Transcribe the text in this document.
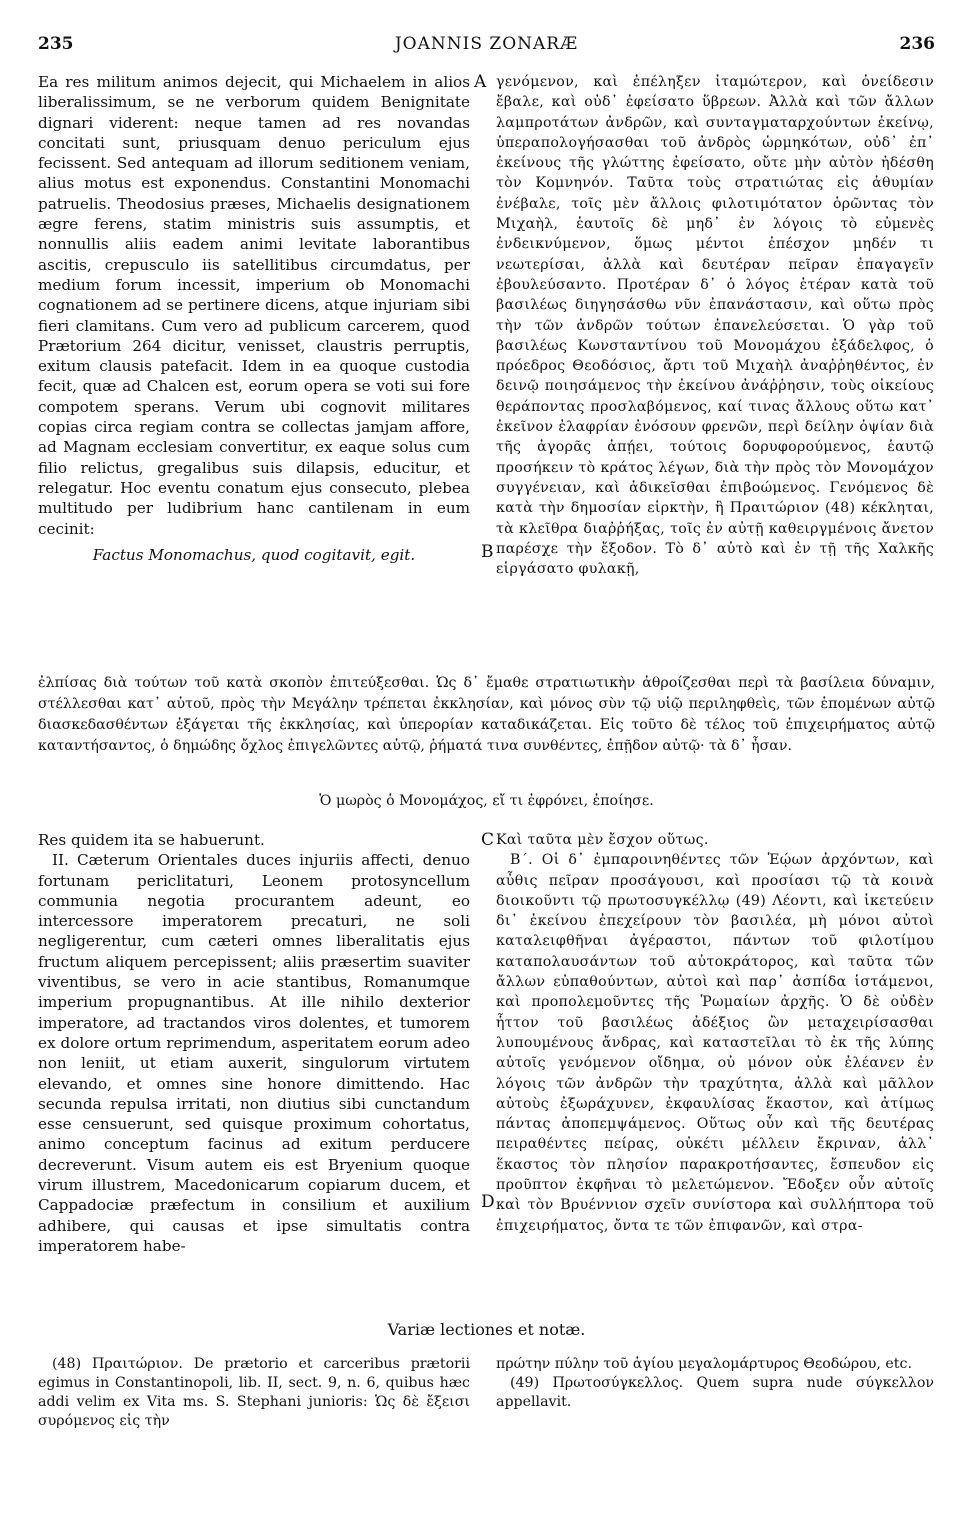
235	JOANNIS ZONARÆ	236
A
B
C
D

Ea res militum animos dejecit, qui Michaelem in alios liberalissimum, se ne verborum quidem Benignitate dignari viderent: neque tamen ad res novandas concitati sunt, priusquam denuo periculum ejus fecissent. Sed antequam ad illorum seditionem veniam, alius motus est exponendus. Constantini Monomachi patruelis. Theodosius præses, Michaelis designationem ægre ferens, statim ministris suis assumptis, et nonnullis aliis eadem animi levitate laborantibus ascitis, crepusculo iis satellitibus circumdatus, per medium forum incessit, imperium ob Monomachi cognationem ad se pertinere dicens, atque injuriam sibi fieri clamitans. Cum vero ad publicum carcerem, quod Prætorium 264 dicitur, venisset, claustris perruptis, exitum clausis patefacit. Idem in ea quoque custodia fecit, quæ ad Chalcen est, eorum opera se voti sui fore compotem sperans. Verum ubi cognovit militares copias circa regiam contra se collectas jamjam affore, ad Magnam ecclesiam convertitur, ex eaque solus cum filio relictus, gregalibus suis dilapsis, educitur, et relegatur. Hoc eventu conatum ejus consecuto, plebea multitudo per ludibrium hanc cantilenam in eum cecinit:

Factus Monomachus, quod cogitavit, egit.

γενόμενον, καὶ ἐπέληξεν ἰταμώτερον, καὶ ὀνείδεσιν ἔβαλε, καὶ οὐδ᾿ ἐφείσατο ὕβρεων. Ἀλλὰ καὶ τῶν ἄλλων λαμπροτάτων ἀνδρῶν, καὶ συνταγματαρχούντων ἐκείνῳ, ὑπεραπολογήσασθαι τοῦ ἀνδρὸς ὡρμηκότων, οὐδ᾿ ἐπ᾿ ἐκείνους τῆς γλώττης ἐφείσατο, οὔτε μὴν αὐτὸν ἠδέσθη τὸν Κομνηνόν. Ταῦτα τοὺς στρατιώτας εἰς ἀθυμίαν ἐνέβαλε, τοῖς μὲν ἄλλοις φιλοτιμότατον ὁρῶντας τὸν Μιχαὴλ, ἑαυτοῖς δὲ μηδ᾿ ἐν λόγοις τὸ εὐμενὲς ἐνδεικνύμενον, ὅμως μέντοι ἐπέσχον μηδέν τι νεωτερίσαι, ἀλλὰ καὶ δευτέραν πεῖραν ἐπαγαγεῖν ἐβουλεύσαντο. Προτέραν δ᾿ ὁ λόγος ἑτέραν κατὰ τοῦ βασιλέως διηγησάσθω νῦν ἐπανάστασιν, καὶ οὕτω πρὸς τὴν τῶν ἀνδρῶν τούτων ἐπανελεύσεται. Ὁ γὰρ τοῦ βασιλέως Κωνσταντίνου τοῦ Μονομάχου ἐξάδελφος, ὁ πρόεδρος Θεοδόσιος, ἄρτι τοῦ Μιχαὴλ ἀναῤῥηθέντος, ἐν δεινῷ ποιησάμενος τὴν ἐκείνου ἀνάῤῥησιν, τοὺς οἰκείους θεράποντας προσλαβόμενος, καί τινας ἄλλους οὕτω κατ᾿ ἐκεῖνον ἐλαφρίαν ἐνόσουν φρενῶν, περὶ δείλην ὀψίαν διὰ τῆς ἀγορᾶς ἀπῄει, τούτοις δορυφορούμενος, ἑαυτῷ προσήκειν τὸ κράτος λέγων, διὰ τὴν πρὸς τὸν Μονομάχον συγγένειαν, καὶ ἀδικεῖσθαι ἐπιβοώμενος. Γενόμενος δὲ κατὰ τὴν δημοσίαν εἱρκτὴν, ἣ Πραιτώριον (48) κέκληται, τὰ κλεῖθρα διαῤῥήξας, τοῖς ἐν αὐτῇ καθειργμένοις ἄνετον παρέσχε τὴν ἔξοδον. Τὸ δ᾿ αὐτὸ καὶ ἐν τῇ τῆς Χαλκῆς εἱργάσατο φυλακῇ,

ἐλπίσας διὰ τούτων τοῦ κατὰ σκοπὸν ἐπιτεύξεσθαι. Ὡς δ᾿ ἔμαθε στρατιωτικὴν ἀθροίζεσθαι περὶ τὰ βασίλεια δύναμιν, στέλλεσθαι κατ᾿ αὐτοῦ, πρὸς τὴν Μεγάλην τρέπεται ἐκκλησίαν, καὶ μόνος σὺν τῷ υἱῷ περιληφθεὶς, τῶν ἑπομένων αὐτῷ διασκεδασθέντων ἐξάγεται τῆς ἐκκλησίας, καὶ ὑπερορίαν καταδικάζεται. Εἰς τοῦτο δὲ τέλος τοῦ ἐπιχειρήματος αὐτῷ καταντήσαντος, ὁ δημώδης ὄχλος ἐπιγελῶντες αὐτῷ, ῥήματά τινα συνθέντες, ἐπῇδον αὐτῷ· τὰ δ᾿ ἦσαν.
Ὁ μωρὸς ὁ Μονομάχος, εἴ τι ἐφρόνει, ἐποίησε.

Res quidem ita se habuerunt.

II. Cæterum Orientales duces injuriis affecti, denuo fortunam periclitaturi, Leonem protosyncellum communia negotia procurantem adeunt, eo intercessore imperatorem precaturi, ne soli negligerentur, cum cæteri omnes liberalitatis ejus fructum aliquem percepissent; aliis præsertim suaviter viventibus, se vero in acie stantibus, Romanumque imperium propugnantibus. At ille nihilo dexterior imperatore, ad tractandos viros dolentes, et tumorem ex dolore ortum reprimendum, asperitatem eorum adeo non leniit, ut etiam auxerit, singulorum virtutem elevando, et omnes sine honore dimittendo. Hac secunda repulsa irritati, non diutius sibi cunctandum esse censuerunt, sed quisque proximum cohortatus, animo conceptum facinus ad exitum perducere decreverunt. Visum autem eis est Bryenium quoque virum illustrem, Macedonicarum copiarum ducem, et Cappadociæ præfectum in consilium et auxilium adhibere, qui causas et ipse simultatis contra imperatorem habe-

Καὶ ταῦτα μὲν ἔσχον οὕτως.

Β΄. Οἱ δ᾿ ἐμπαροινηθέντες τῶν Ἑῴων ἀρχόντων, καὶ αὖθις πεῖραν προσάγουσι, καὶ προσίασι τῷ τὰ κοινὰ διοικοῦντι τῷ πρωτοσυγκέλλῳ (49) Λέοντι, καὶ ἱκετεύειν δι᾿ ἐκείνου ἐπεχείρουν τὸν βασιλέα, μὴ μόνοι αὐτοὶ καταλειφθῆναι ἀγέραστοι, πάντων τοῦ φιλοτίμου καταπολαυσάντων τοῦ αὐτοκράτορος, καὶ ταῦτα τῶν ἄλλων εὐπαθούντων, αὐτοὶ καὶ παρ᾿ ἀσπίδα ἱστάμενοι, καὶ προπολεμοῦντες τῆς Ῥωμαίων ἀρχῆς. Ὁ δὲ οὐδὲν ἧττον τοῦ βασιλέως ἀδέξιος ὢν μεταχειρίσασθαι λυπουμένους ἄνδρας, καὶ καταστεῖλαι τὸ ἐκ τῆς λύπης αὐτοῖς γενόμενον οἴδημα, οὐ μόνον οὐκ ἐλέανεν ἐν λόγοις τῶν ἀνδρῶν τὴν τραχύτητα, ἀλλὰ καὶ μᾶλλον αὐτοὺς ἐξωράχυνεν, ἐκφαυλίσας ἕκαστον, καὶ ἀτίμως πάντας ἀποπεμψάμενος. Οὕτως οὖν καὶ τῆς δευτέρας πειραθέντες πείρας, οὐκέτι μέλλειν ἔκριναν, ἀλλ᾿ ἕκαστος τὸν πλησίον παρακροτήσαντες, ἔσπευδον εἰς προῦπτον ἐκφῆναι τὸ μελετώμενον. Ἔδοξεν οὖν αὐτοῖς καὶ τὸν Βρυέννιον σχεῖν συνίστορα καὶ συλλήπτορα τοῦ ἐπιχειρήματος, ὄντα τε τῶν ἐπιφανῶν, καὶ στρα-

Variæ lectiones et notæ.

(48) Πραιτώριον. De prætorio et carceribus prætorii egimus in Constantinopoli, lib. II, sect. 9, n. 6, quibus hæc addi velim ex Vita ms. S. Stephani junioris: Ὡς δὲ ἔξεισι συρόμενος εἰς τὴν

πρώτην πύλην τοῦ ἁγίου μεγαλομάρτυρος Θεοδώρου, etc.

(49) Πρωτοσύγκελλος. Quem supra nude σύγκελλον appellavit.
